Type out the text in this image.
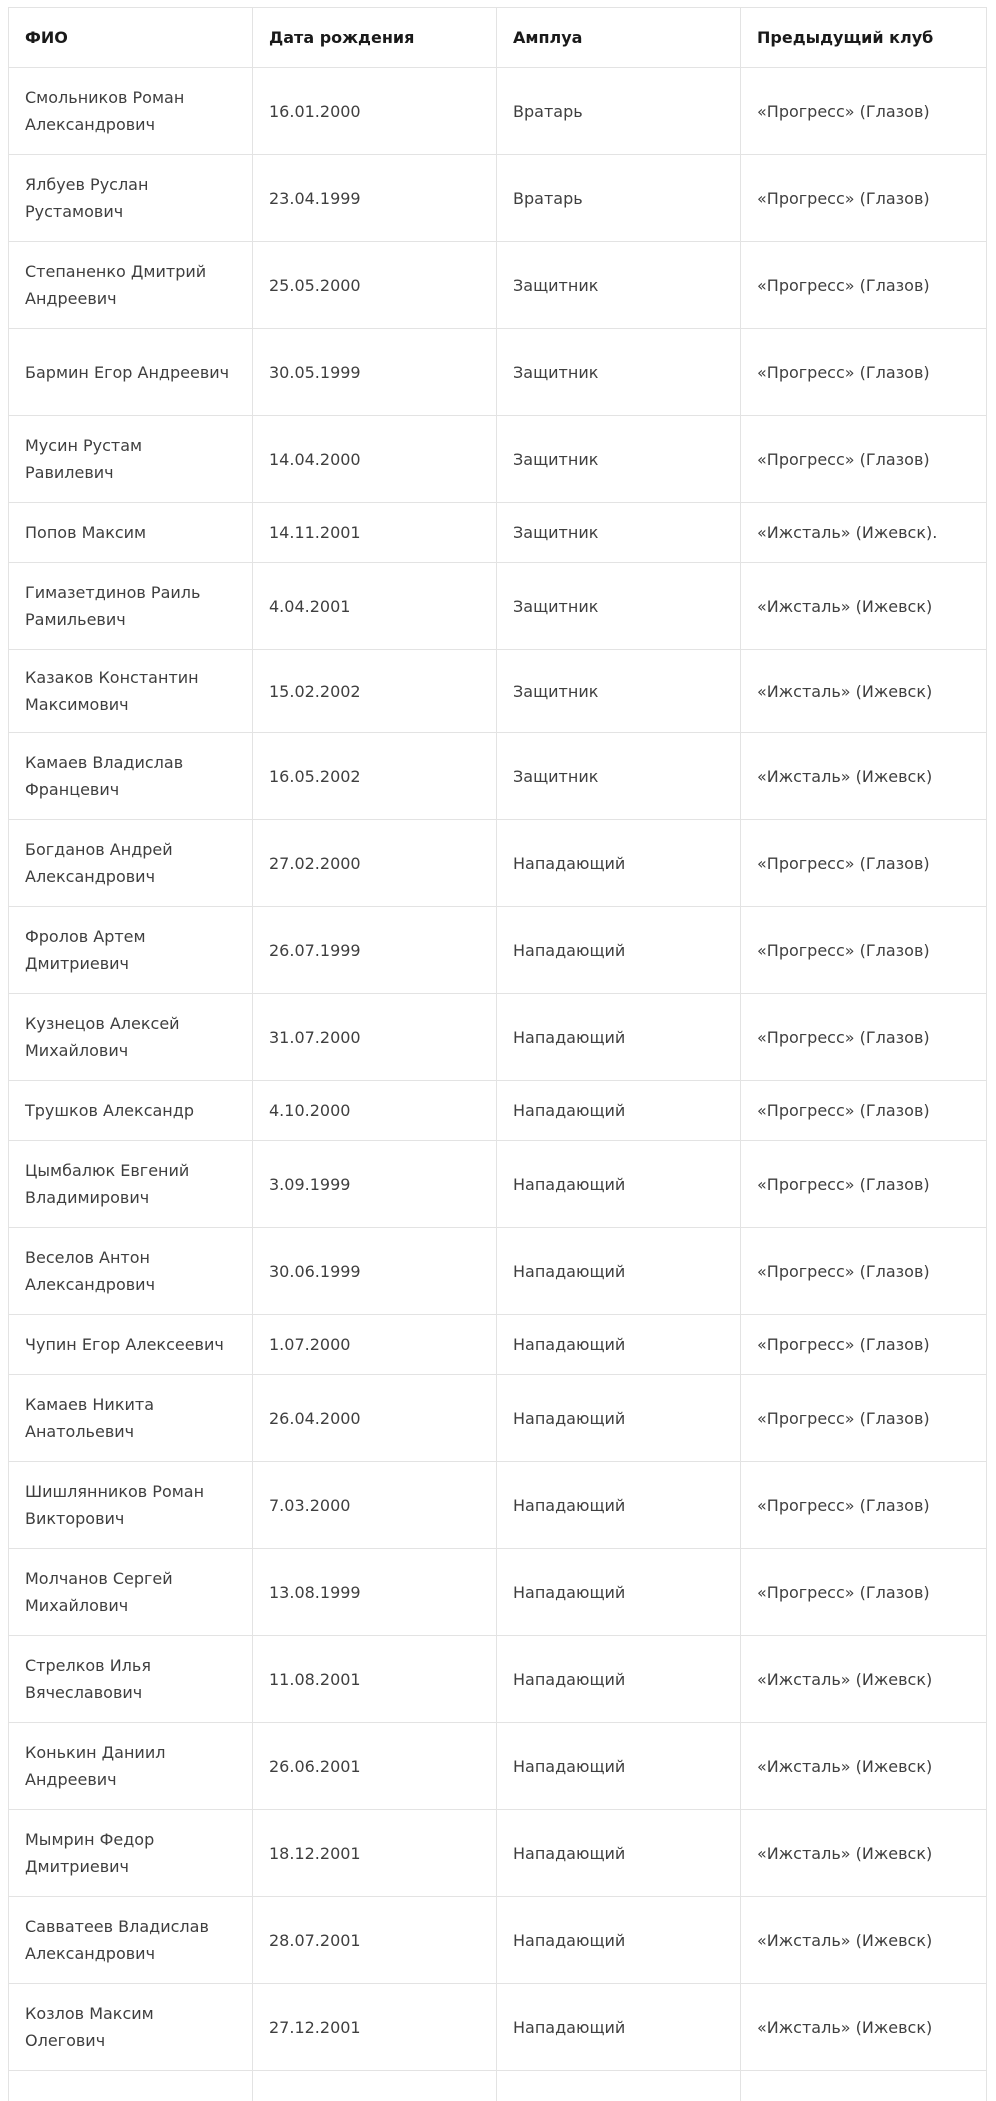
ФИО	Дата рождения	Амплуа	Предыдущий клуб
Смольников Роман Александрович	16.01.2000	Вратарь	«Прогресс» (Глазов)
Ялбуев Руслан Рустамович	23.04.1999	Вратарь	«Прогресс» (Глазов)
Степаненко Дмитрий Андреевич	25.05.2000	Защитник	«Прогресс» (Глазов)
Бармин Егор Андреевич	30.05.1999	Защитник	«Прогресс» (Глазов)
Мусин Рустам Равилевич	14.04.2000	Защитник	«Прогресс» (Глазов)
Попов Максим	14.11.2001	Защитник	«Ижсталь» (Ижевск).
Гимазетдинов Раиль Рамильевич	4.04.2001	Защитник	«Ижсталь» (Ижевск)
Казаков Константин Максимович	15.02.2002	Защитник	«Ижсталь» (Ижевск)
Камаев Владислав Францевич	16.05.2002	Защитник	«Ижсталь» (Ижевск)
Богданов Андрей Александрович	27.02.2000	Нападающий	«Прогресс» (Глазов)
Фролов Артем Дмитриевич	26.07.1999	Нападающий	«Прогресс» (Глазов)
Кузнецов Алексей Михайлович	31.07.2000	Нападающий	«Прогресс» (Глазов)
Трушков Александр	4.10.2000	Нападающий	«Прогресс» (Глазов)
Цымбалюк Евгений Владимирович	3.09.1999	Нападающий	«Прогресс» (Глазов)
Веселов Антон Александрович	30.06.1999	Нападающий	«Прогресс» (Глазов)
Чупин Егор Алексеевич	1.07.2000	Нападающий	«Прогресс» (Глазов)
Камаев Никита Анатольевич	26.04.2000	Нападающий	«Прогресс» (Глазов)
Шишлянников Роман Викторович	7.03.2000	Нападающий	«Прогресс» (Глазов)
Молчанов Сергей Михайлович	13.08.1999	Нападающий	«Прогресс» (Глазов)
Стрелков Илья Вячеславович	11.08.2001	Нападающий	«Ижсталь» (Ижевск)
Конькин Даниил Андреевич	26.06.2001	Нападающий	«Ижсталь» (Ижевск)
Мымрин Федор Дмитриевич	18.12.2001	Нападающий	«Ижсталь» (Ижевск)
Савватеев Владислав Александрович	28.07.2001	Нападающий	«Ижсталь» (Ижевск)
Козлов Максим Олегович	27.12.2001	Нападающий	«Ижсталь» (Ижевск)
